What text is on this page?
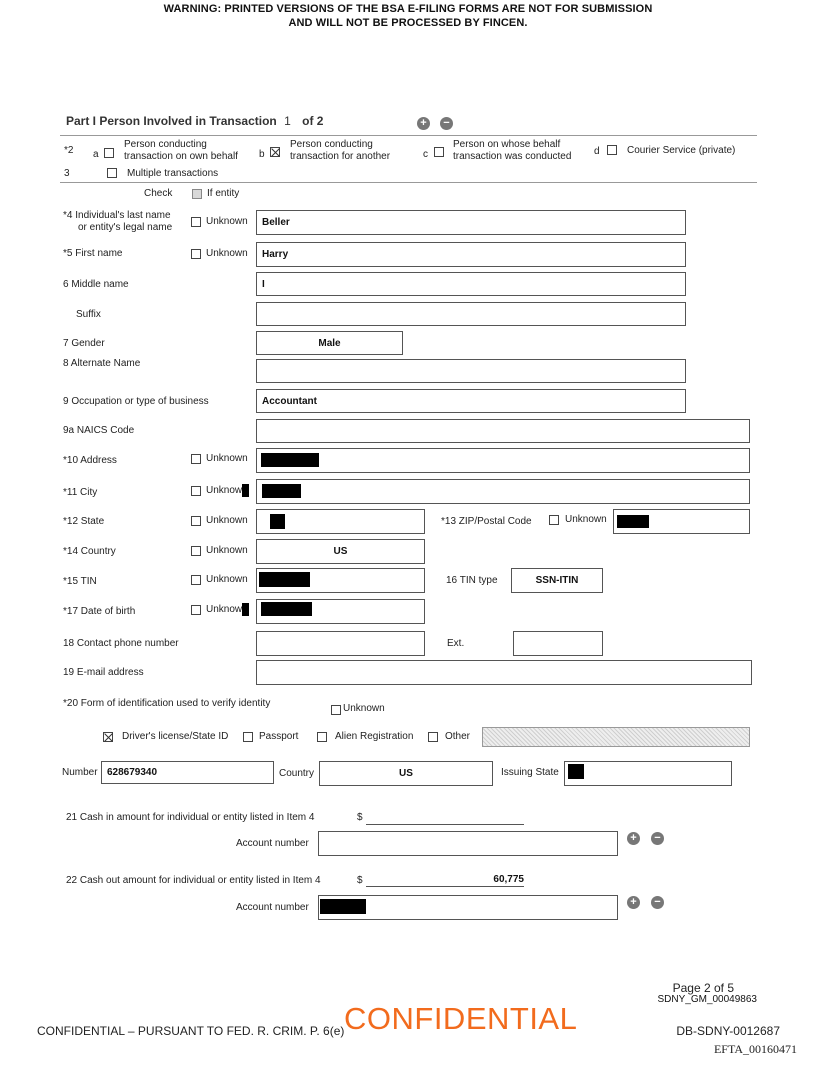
WARNING: PRINTED VERSIONS OF THE BSA E-FILING FORMS ARE NOT FOR SUBMISSION
AND WILL NOT BE PROCESSED BY FINCEN.
Part I Person Involved in Transaction 1 of 2	+ −
*2 a
Person conducting
transaction on own behalf b
Person conducting
transaction for another	c
Person on whose behalf
transaction was conducted d	Courier Service (private)
3	Multiple transactions
Check	If entity
*4 Individual's last name
or entity's legal name
Unknown	Beller
*5 First name	Unknown	Harry
6 Middle name	I
Suffix
7 Gender	Male
8 Alternate Name
9 Occupation or type of business	Accountant
9a NAICS Code
*10 Address	Unknown
*11 City	Unknow
*12 State	Unknown	*13 ZIP/Postal Code	Unknown
*14 Country	Unknown	US
*15 TIN	Unknown	16 TIN type	SSN-ITIN
*17 Date of birth	Unknow
18 Contact phone number	Ext.
19 E-mail address
*20 Form of identification used to verify identity	Unknown
Driver's license/State ID	Passport	Alien Registration	Other
Number 628679340	Country	US	Issuing State
21 Cash in amount for individual or entity listed in Item 4	$
Account number	+ −
22 Cash out amount for individual or entity listed in Item 4	$	60,775
Account number	+ −
Page 2 of 5
SDNY_GM_00049863
CONFIDENTIAL
CONFIDENTIAL – PURSUANT TO FED. R. CRIM. P. 6(e)	DB-SDNY-0012687
EFTA_00160471
